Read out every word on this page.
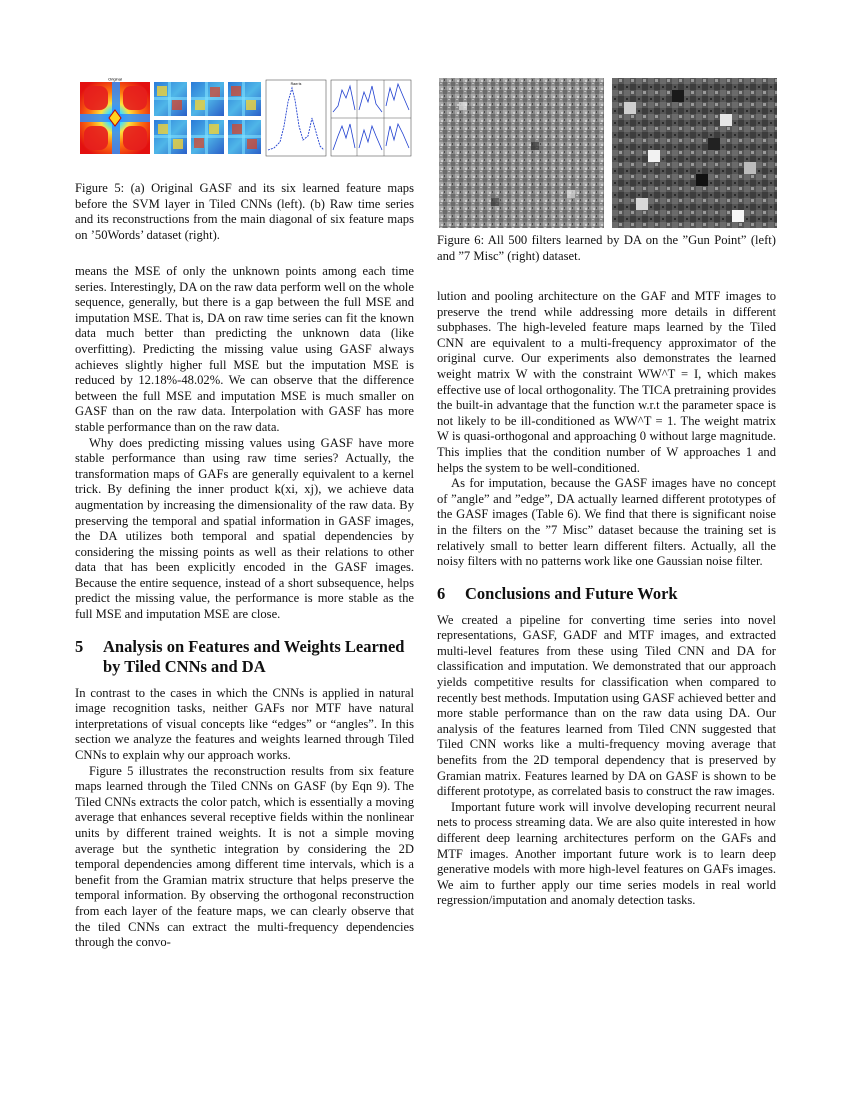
Original
Raw ts

Figure 5: (a) Original GASF and its six learned feature maps before the SVM layer in Tiled CNNs (left). (b) Raw time series and its reconstructions from the main diagonal of six feature maps on ’50Words’ dataset (right).	Figure 6: All 500 filters learned by DA on the ”Gun Point” (left) and ”7 Misc” (right) dataset.

means the MSE of only the unknown points among each time series. Interestingly, DA on the raw data perform well on the whole sequence, generally, but there is a gap between the full MSE and imputation MSE. That is, DA on raw time series can fit the known data much better than predicting the unknown data (like overfitting). Predicting the missing value using GASF always achieves slightly higher full MSE but the imputation MSE is reduced by 12.18%-48.02%. We can observe that the difference between the full MSE and imputation MSE is much smaller on GASF than on the raw data. Interpolation with GASF has more stable performance than on the raw data.

Why does predicting missing values using GASF have more stable performance than using raw time series? Actually, the transformation maps of GAFs are generally equivalent to a kernel trick. By defining the inner product k(xi, xj), we achieve data augmentation by increasing the dimensionality of the raw data. By preserving the temporal and spatial information in GASF images, the DA utilizes both temporal and spatial dependencies by considering the missing points as well as their relations to other data that has been explicitly encoded in the GASF images. Because the entire sequence, instead of a short subsequence, helps predict the missing value, the performance is more stable as the full MSE and imputation MSE are close.

5 Analysis on Features and Weights Learned
by Tiled CNNs and DA

In contrast to the cases in which the CNNs is applied in natural image recognition tasks, neither GAFs nor MTF have natural interpretations of visual concepts like “edges” or “angles”. In this section we analyze the features and weights learned through Tiled CNNs to explain why our approach works.

Figure 5 illustrates the reconstruction results from six feature maps learned through the Tiled CNNs on GASF (by Eqn 9). The Tiled CNNs extracts the color patch, which is essentially a moving average that enhances several receptive fields within the nonlinear units by different trained weights. It is not a simple moving average but the synthetic integration by considering the 2D temporal dependencies among different time intervals, which is a benefit from the Gramian matrix structure that helps preserve the temporal information. By observing the orthogonal reconstruction from each layer of the feature maps, we can clearly observe that the tiled CNNs can extract the multi-frequency dependencies through the convo-

lution and pooling architecture on the GAF and MTF images to preserve the trend while addressing more details in different subphases. The high-leveled feature maps learned by the Tiled CNN are equivalent to a multi-frequency approximator of the original curve. Our experiments also demonstrates the learned weight matrix W with the constraint WW^T = I, which makes effective use of local orthogonality. The TICA pretraining provides the built-in advantage that the function w.r.t the parameter space is not likely to be ill-conditioned as WW^T = 1. The weight matrix W is quasi-orthogonal and approaching 0 without large magnitude. This implies that the condition number of W approaches 1 and helps the system to be well-conditioned.

As for imputation, because the GASF images have no concept of ”angle” and ”edge”, DA actually learned different prototypes of the GASF images (Table 6). We find that there is significant noise in the filters on the ”7 Misc” dataset because the training set is relatively small to better learn different filters. Actually, all the noisy filters with no patterns work like one Gaussian noise filter.

6 Conclusions and Future Work

We created a pipeline for converting time series into novel representations, GASF, GADF and MTF images, and extracted multi-level features from these using Tiled CNN and DA for classification and imputation. We demonstrated that our approach yields competitive results for classification when compared to recently best methods. Imputation using GASF achieved better and more stable performance than on the raw data using DA. Our analysis of the features learned from Tiled CNN suggested that Tiled CNN works like a multi-frequency moving average that benefits from the 2D temporal dependency that is preserved by Gramian matrix. Features learned by DA on GASF is shown to be different prototype, as correlated basis to construct the raw images.

Important future work will involve developing recurrent neural nets to process streaming data. We are also quite interested in how different deep learning architectures perform on the GAFs and MTF images. Another important future work is to learn deep generative models with more high-level features on GAFs images. We aim to further apply our time series models in real world regression/imputation and anomaly detection tasks.
